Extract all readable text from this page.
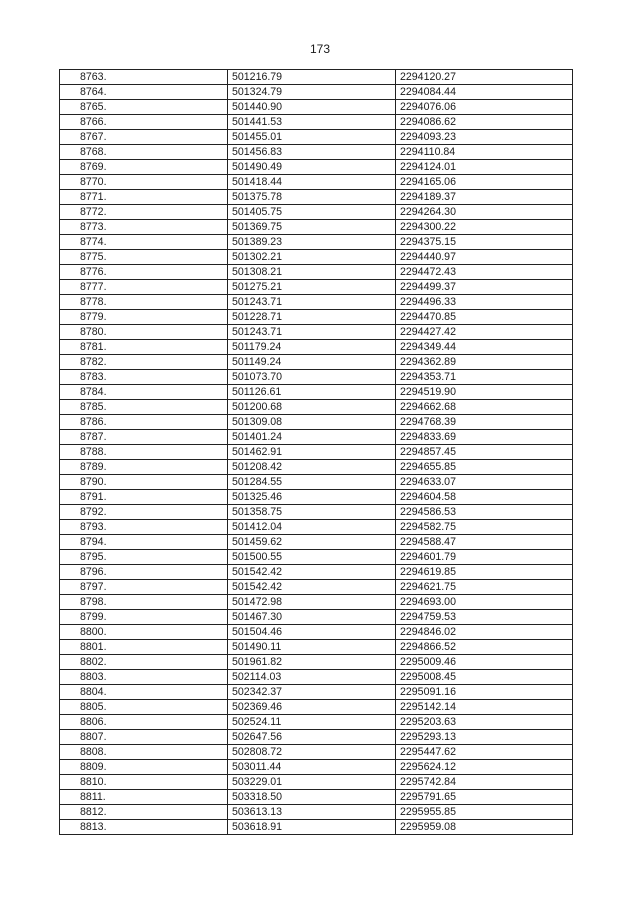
173
8763.	501216.79	2294120.27
8764.	501324.79	2294084.44
8765.	501440.90	2294076.06
8766.	501441.53	2294086.62
8767.	501455.01	2294093.23
8768.	501456.83	2294110.84
8769.	501490.49	2294124.01
8770.	501418.44	2294165.06
8771.	501375.78	2294189.37
8772.	501405.75	2294264.30
8773.	501369.75	2294300.22
8774.	501389.23	2294375.15
8775.	501302.21	2294440.97
8776.	501308.21	2294472.43
8777.	501275.21	2294499.37
8778.	501243.71	2294496.33
8779.	501228.71	2294470.85
8780.	501243.71	2294427.42
8781.	501179.24	2294349.44
8782.	501149.24	2294362.89
8783.	501073.70	2294353.71
8784.	501126.61	2294519.90
8785.	501200.68	2294662.68
8786.	501309.08	2294768.39
8787.	501401.24	2294833.69
8788.	501462.91	2294857.45
8789.	501208.42	2294655.85
8790.	501284.55	2294633.07
8791.	501325.46	2294604.58
8792.	501358.75	2294586.53
8793.	501412.04	2294582.75
8794.	501459.62	2294588.47
8795.	501500.55	2294601.79
8796.	501542.42	2294619.85
8797.	501542.42	2294621.75
8798.	501472.98	2294693.00
8799.	501467.30	2294759.53
8800.	501504.46	2294846.02
8801.	501490.11	2294866.52
8802.	501961.82	2295009.46
8803.	502114.03	2295008.45
8804.	502342.37	2295091.16
8805.	502369.46	2295142.14
8806.	502524.11	2295203.63
8807.	502647.56	2295293.13
8808.	502808.72	2295447.62
8809.	503011.44	2295624.12
8810.	503229.01	2295742.84
8811.	503318.50	2295791.65
8812.	503613.13	2295955.85
8813.	503618.91	2295959.08
